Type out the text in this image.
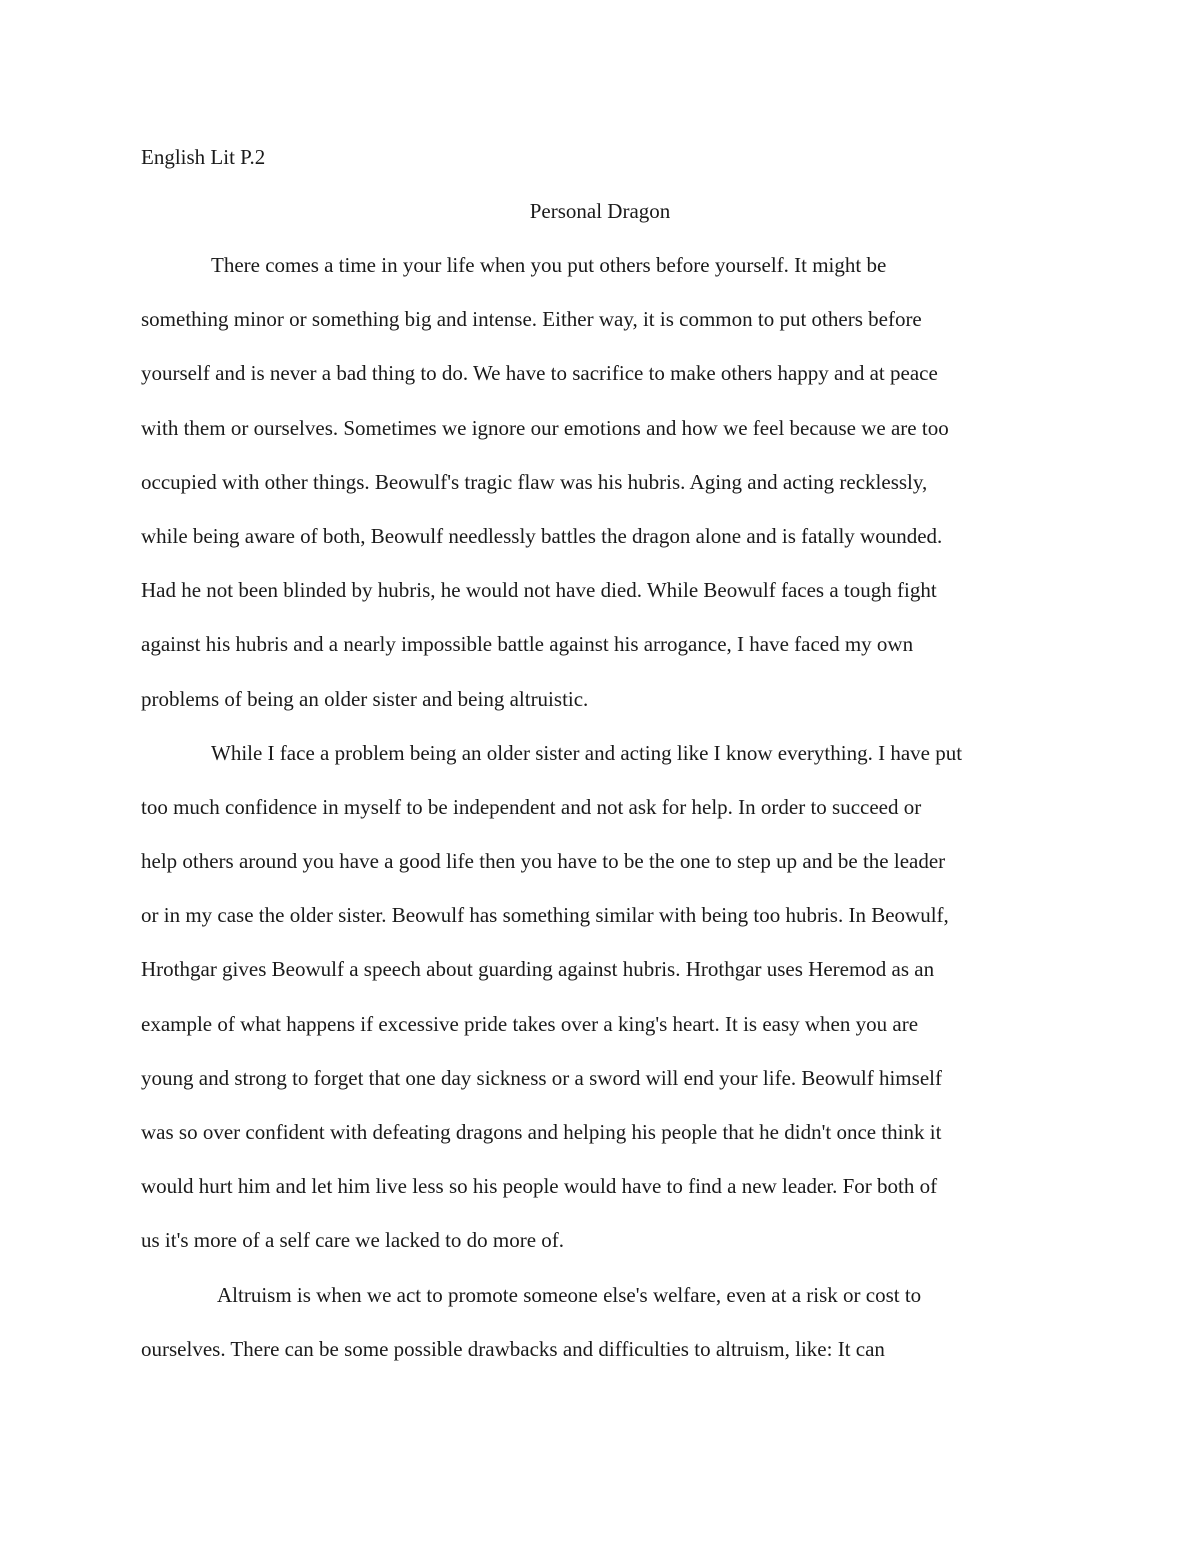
English Lit P.2
Personal Dragon
There comes a time in your life when you put others before yourself. It might be
something minor or something big and intense. Either way, it is common to put others before
yourself and is never a bad thing to do. We have to sacrifice to make others happy and at peace
with them or ourselves. Sometimes we ignore our emotions and how we feel because we are too
occupied with other things. Beowulf's tragic flaw was his hubris. Aging and acting recklessly,
while being aware of both, Beowulf needlessly battles the dragon alone and is fatally wounded.
Had he not been blinded by hubris, he would not have died. While Beowulf faces a tough fight
against his hubris and a nearly impossible battle against his arrogance, I have faced my own
problems of being an older sister and being altruistic.
While I face a problem being an older sister and acting like I know everything. I have put
too much confidence in myself to be independent and not ask for help. In order to succeed or
help others around you have a good life then you have to be the one to step up and be the leader
or in my case the older sister. Beowulf has something similar with being too hubris. In Beowulf,
Hrothgar gives Beowulf a speech about guarding against hubris. Hrothgar uses Heremod as an
example of what happens if excessive pride takes over a king's heart. It is easy when you are
young and strong to forget that one day sickness or a sword will end your life. Beowulf himself
was so over confident with defeating dragons and helping his people that he didn't once think it
would hurt him and let him live less so his people would have to find a new leader. For both of
us it's more of a self care we lacked to do more of.
Altruism is when we act to promote someone else's welfare, even at a risk or cost to
ourselves. There can be some possible drawbacks and difficulties to altruism, like: It can
